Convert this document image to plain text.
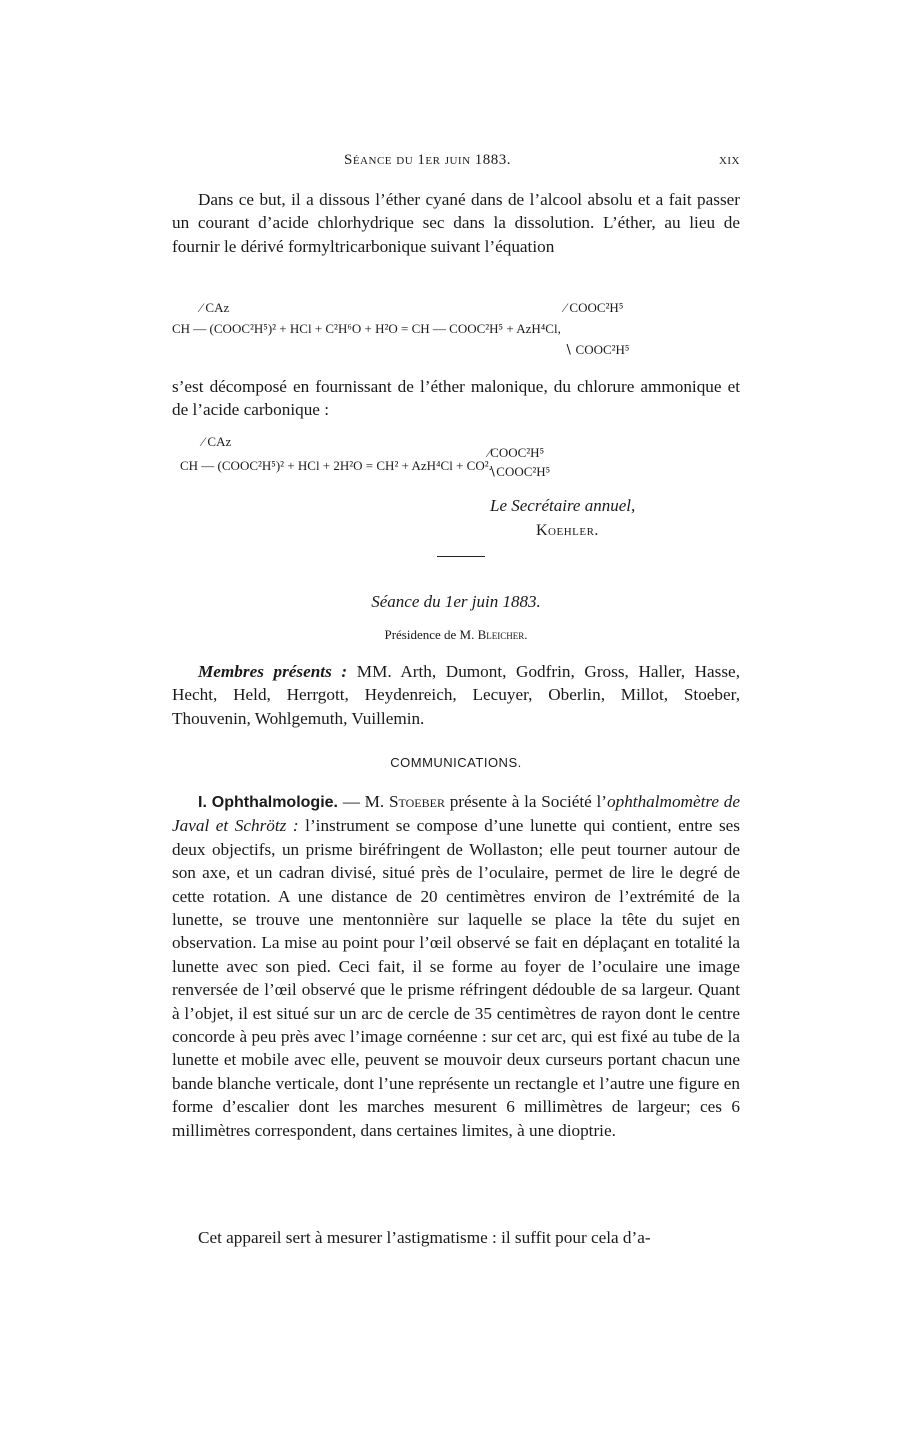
Séance du 1er juin 1883.	xix

Dans ce but, il a dissous l’éther cyané dans de l’alcool absolu et a fait passer un courant d’acide chlorhydrique sec dans la dissolution. L’éther, au lieu de fournir le dérivé formyltricarbonique suivant l’équation

∕ CAz
CH — (COOC²H⁵)² + HCl + C²H⁶O + H²O = CH — COOC²H⁵ + AzH⁴Cl,
∕ COOC²H⁵
∖ COOC²H⁵

s’est décomposé en fournissant de l’éther malonique, du chlorure ammonique et de l’acide carbonique :

∕ CAz
CH — (COOC²H⁵)² + HCl + 2H²O = CH² + AzH⁴Cl + CO².
∕COOC²H⁵
∖COOC²H⁵
Le Secrétaire annuel,
Koehler.
Séance du 1er juin 1883.
Présidence de M. Bleicher.

Membres présents : MM. Arth, Dumont, Godfrin, Gross, Haller, Hasse, Hecht, Held, Herrgott, Heydenreich, Lecuyer, Oberlin, Millot, Stoeber, Thouvenin, Wohlgemuth, Vuillemin.

COMMUNICATIONS.

I. Ophthalmologie. — M. Stoeber présente à la Société l’ophthalmomètre de Javal et Schrötz : l’instrument se compose d’une lunette qui contient, entre ses deux objectifs, un prisme biréfringent de Wollaston; elle peut tourner autour de son axe, et un cadran divisé, situé près de l’oculaire, permet de lire le degré de cette rotation. A une distance de 20 centimètres environ de l’extrémité de la lunette, se trouve une mentonnière sur laquelle se place la tête du sujet en observation. La mise au point pour l’œil observé se fait en déplaçant en totalité la lunette avec son pied. Ceci fait, il se forme au foyer de l’oculaire une image renversée de l’œil observé que le prisme réfringent dédouble de sa largeur. Quant à l’objet, il est situé sur un arc de cercle de 35 centimètres de rayon dont le centre concorde à peu près avec l’image cornéenne : sur cet arc, qui est fixé au tube de la lunette et mobile avec elle, peuvent se mouvoir deux curseurs portant chacun une bande blanche verticale, dont l’une représente un rectangle et l’autre une figure en forme d’escalier dont les marches mesurent 6 millimètres de largeur; ces 6 millimètres correspondent, dans certaines limites, à une dioptrie.

Cet appareil sert à mesurer l’astigmatisme : il suffit pour cela d’a-
